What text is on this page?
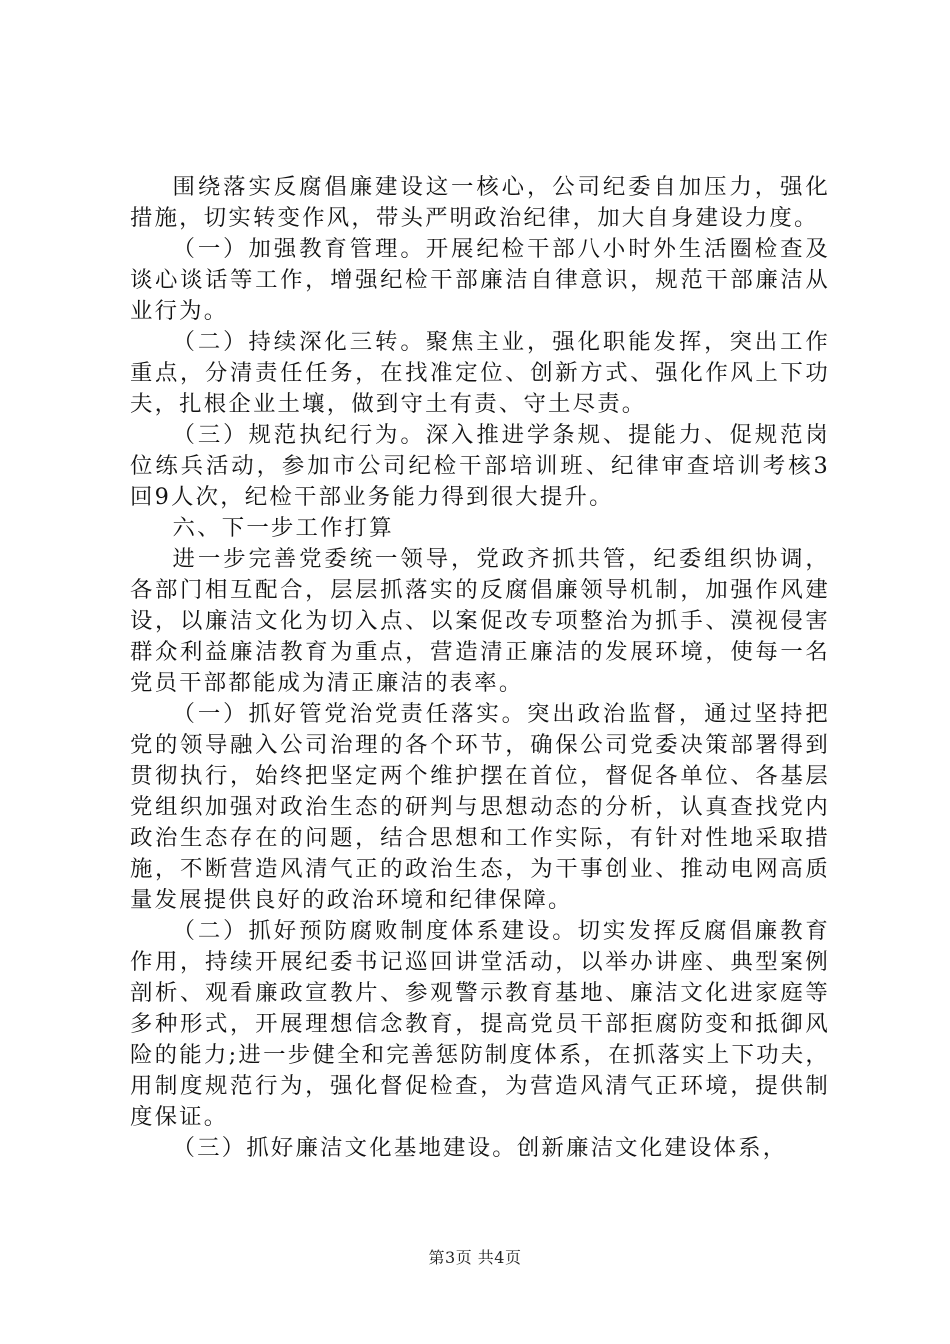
围绕落实反腐倡廉建设这一核心，公司纪委自加压力，强化措施，切实转变作风，带头严明政治纪律，加大自身建设力度。

（一）加强教育管理。开展纪检干部八小时外生活圈检查及谈心谈话等工作，增强纪检干部廉洁自律意识，规范干部廉洁从业行为。

（二）持续深化三转。聚焦主业，强化职能发挥，突出工作重点，分清责任任务，在找准定位、创新方式、强化作风上下功夫，扎根企业土壤，做到守土有责、守土尽责。

（三）规范执纪行为。深入推进学条规、提能力、促规范岗位练兵活动，参加市公司纪检干部培训班、纪律审查培训考核3回9人次，纪检干部业务能力得到很大提升。

六、下一步工作打算

进一步完善党委统一领导，党政齐抓共管，纪委组织协调，各部门相互配合，层层抓落实的反腐倡廉领导机制，加强作风建设，以廉洁文化为切入点、以案促改专项整治为抓手、漠视侵害群众利益廉洁教育为重点，营造清正廉洁的发展环境，使每一名党员干部都能成为清正廉洁的表率。

（一）抓好管党治党责任落实。突出政治监督，通过坚持把党的领导融入公司治理的各个环节，确保公司党委决策部署得到贯彻执行，始终把坚定两个维护摆在首位，督促各单位、各基层党组织加强对政治生态的研判与思想动态的分析，认真查找党内政治生态存在的问题，结合思想和工作实际，有针对性地采取措施，不断营造风清气正的政治生态，为干事创业、推动电网高质量发展提供良好的政治环境和纪律保障。

（二）抓好预防腐败制度体系建设。切实发挥反腐倡廉教育作用，持续开展纪委书记巡回讲堂活动，以举办讲座、典型案例剖析、观看廉政宣教片、参观警示教育基地、廉洁文化进家庭等多种形式，开展理想信念教育，提高党员干部拒腐防变和抵御风险的能力;进一步健全和完善惩防制度体系，在抓落实上下功夫，用制度规范行为，强化督促检查，为营造风清气正环境，提供制度保证。

（三）抓好廉洁文化基地建设。创新廉洁文化建设体系，

第3页 共4页
